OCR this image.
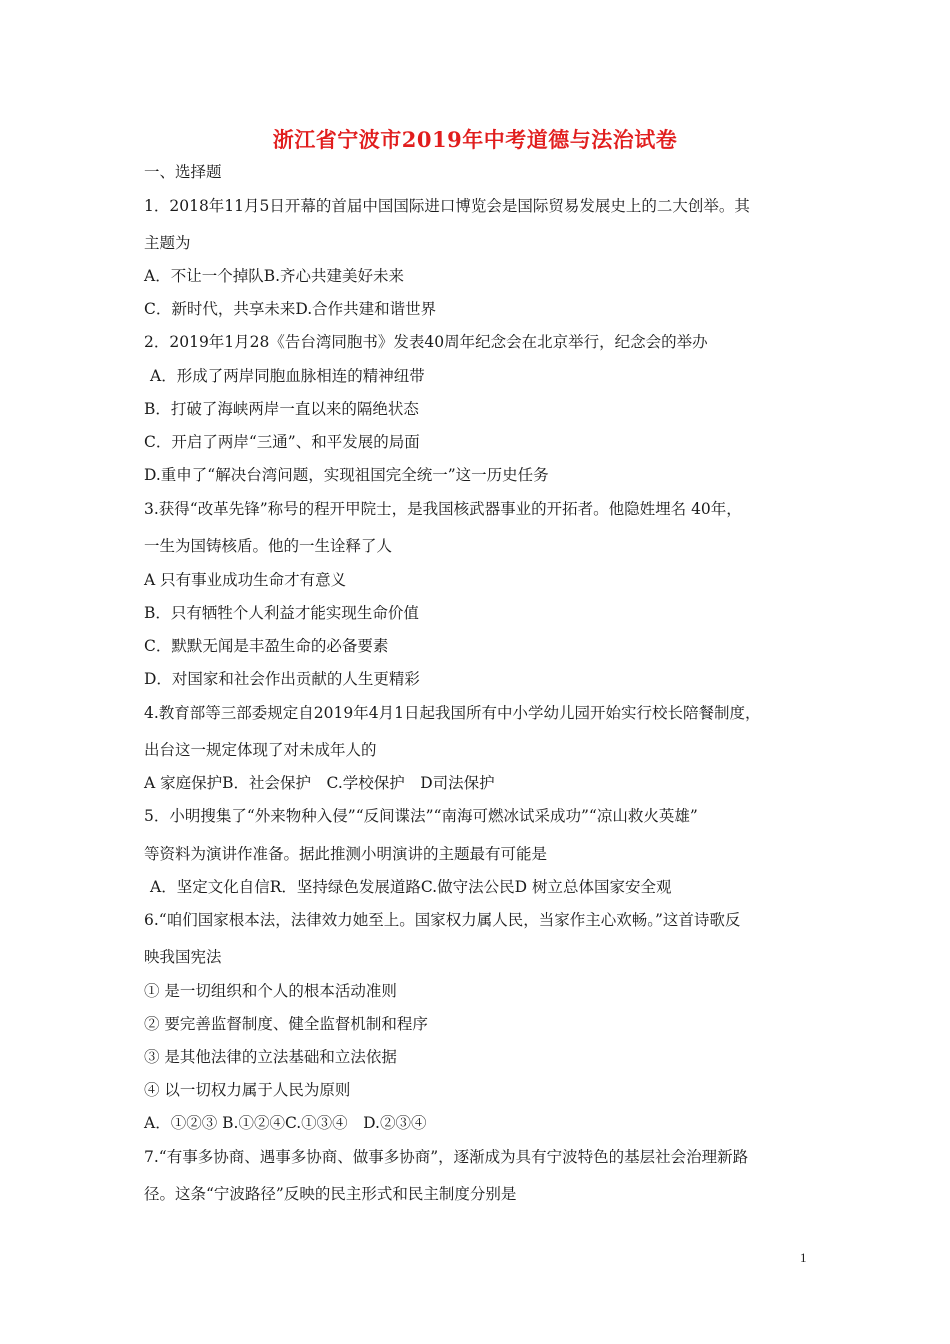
浙江省宁波市2019年中考道德与法治试卷
一、选择题
1．2018年11月5日开幕的首届中国国际进口博览会是国际贸易发展史上的二大创举。其
主题为
A．不让一个掉队B.齐心共建美好未来
C．新时代，共享未来D.合作共建和谐世界
2．2019年1月28《告台湾同胞书》发表40周年纪念会在北京举行，纪念会的举办
A．形成了两岸同胞血脉相连的精神纽带
B．打破了海峡两岸一直以来的隔绝状态
C．开启了两岸“三通”、和平发展的局面
D.重申了“解决台湾问题，实现祖国完全统一”这一历史任务
3.获得“改革先锋”称号的程开甲院士，是我国核武器事业的开拓者。他隐姓埋名 40年，
一生为国铸核盾。他的一生诠释了人
A 只有事业成功生命才有意义
B．只有牺牲个人利益才能实现生命价值
C．默默无闻是丰盈生命的必备要素
D．对国家和社会作出贡献的人生更精彩
4.教育部等三部委规定自2019年4月1日起我国所有中小学幼儿园开始实行校长陪餐制度，
出台这一规定体现了对未成年人的
A 家庭保护B．社会保护　C.学校保护　D司法保护
5．小明搜集了“外来物种入侵”“反间谍法”“南海可燃冰试采成功”“凉山救火英雄”
等资料为演讲作准备。据此推测小明演讲的主题最有可能是
A．坚定文化自信R．坚持绿色发展道路C.做守法公民D 树立总体国家安全观
6.“咱们国家根本法，法律效力她至上。国家权力属人民，当家作主心欢畅。”这首诗歌反
映我国宪法
① 是一切组织和个人的根本活动准则
② 要完善监督制度、健全监督机制和程序
③ 是其他法律的立法基础和立法依据
④ 以一切权力属于人民为原则
A．①②③ B.①②④C.①③④　D.②③④
7.“有事多协商、遇事多协商、做事多协商”，逐渐成为具有宁波特色的基层社会治理新路
径。这条“宁波路径”反映的民主形式和民主制度分别是
1
